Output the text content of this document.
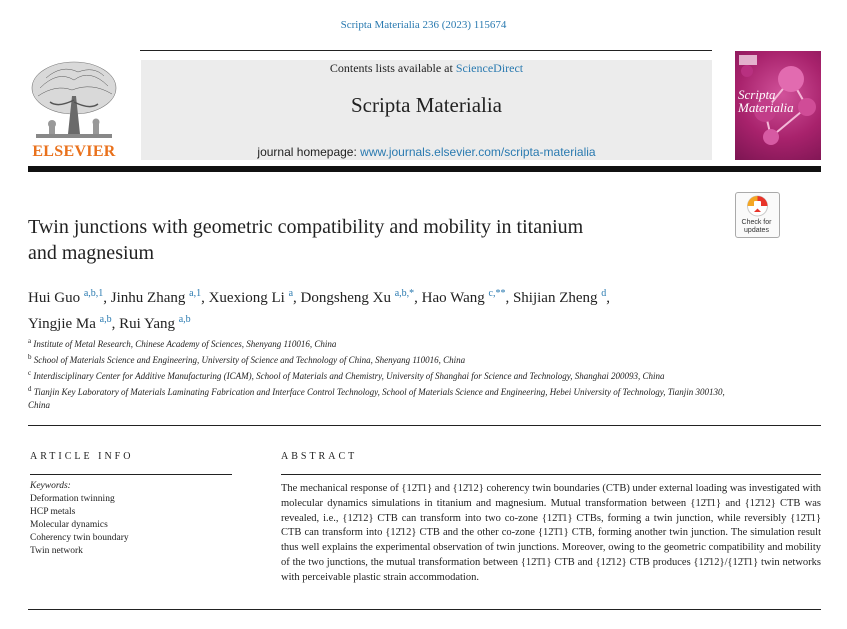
Scripta Materialia 236 (2023) 115674
ELSEVIER
Contents lists available at ScienceDirect
Scripta Materialia
journal homepage: www.journals.elsevier.com/scripta-materialia
Scripta
Materialia
Check for
updates
Twin junctions with geometric compatibility and mobility in titanium
and magnesium
Hui Guo $^{a,b,1}$, Jinhu Zhang $^{a,1}$, Xuexiong Li $^a$, Dongsheng Xu $^{a,b,*}$, Hao Wang $^{c,**}$, Shijian Zheng $^d$,
Yingjie Ma $^{a,b}$, Rui Yang $^{a,b}$
$^a$ Institute of Metal Research, Chinese Academy of Sciences, Shenyang 110016, China
$^b$ School of Materials Science and Engineering, University of Science and Technology of China, Shenyang 110016, China
$^c$ Interdisciplinary Center for Additive Manufacturing (ICAM), School of Materials and Chemistry, University of Shanghai for Science and Technology, Shanghai 200093, China
$^d$ Tianjin Key Laboratory of Materials Laminating Fabrication and Interface Control Technology, School of Materials Science and Engineering, Hebei University of Technology, Tianjin 300130, China
ARTICLE INFO
Keywords:
Deformation twinning
HCP metals
Molecular dynamics
Coherency twin boundary
Twin network
ABSTRACT
The mechanical response of {12̄1̄1} and {12̄12} coherency twin boundaries (CTB) under external loading was investigated with molecular dynamics simulations in titanium and magnesium. Mutual transformation between {12̄1̄1} and {12̄12} CTB was revealed, i.e., {12̄12} CTB can transform into two co-zone {12̄1̄1} CTBs, forming a twin junction, while reversibly {12̄1̄1} CTB can transform into {12̄12} CTB and the other co-zone {12̄1̄1} CTB, forming another twin junction. The simulation result thus well explains the experimental observation of twin junctions. Moreover, owing to the geometric compatibility and mobility of the two junctions, the mutual transformation between {12̄1̄1} CTB and {12̄12} CTB produces {12̄12}/{12̄1̄1} twin networks with perceivable plastic strain accommodation.
